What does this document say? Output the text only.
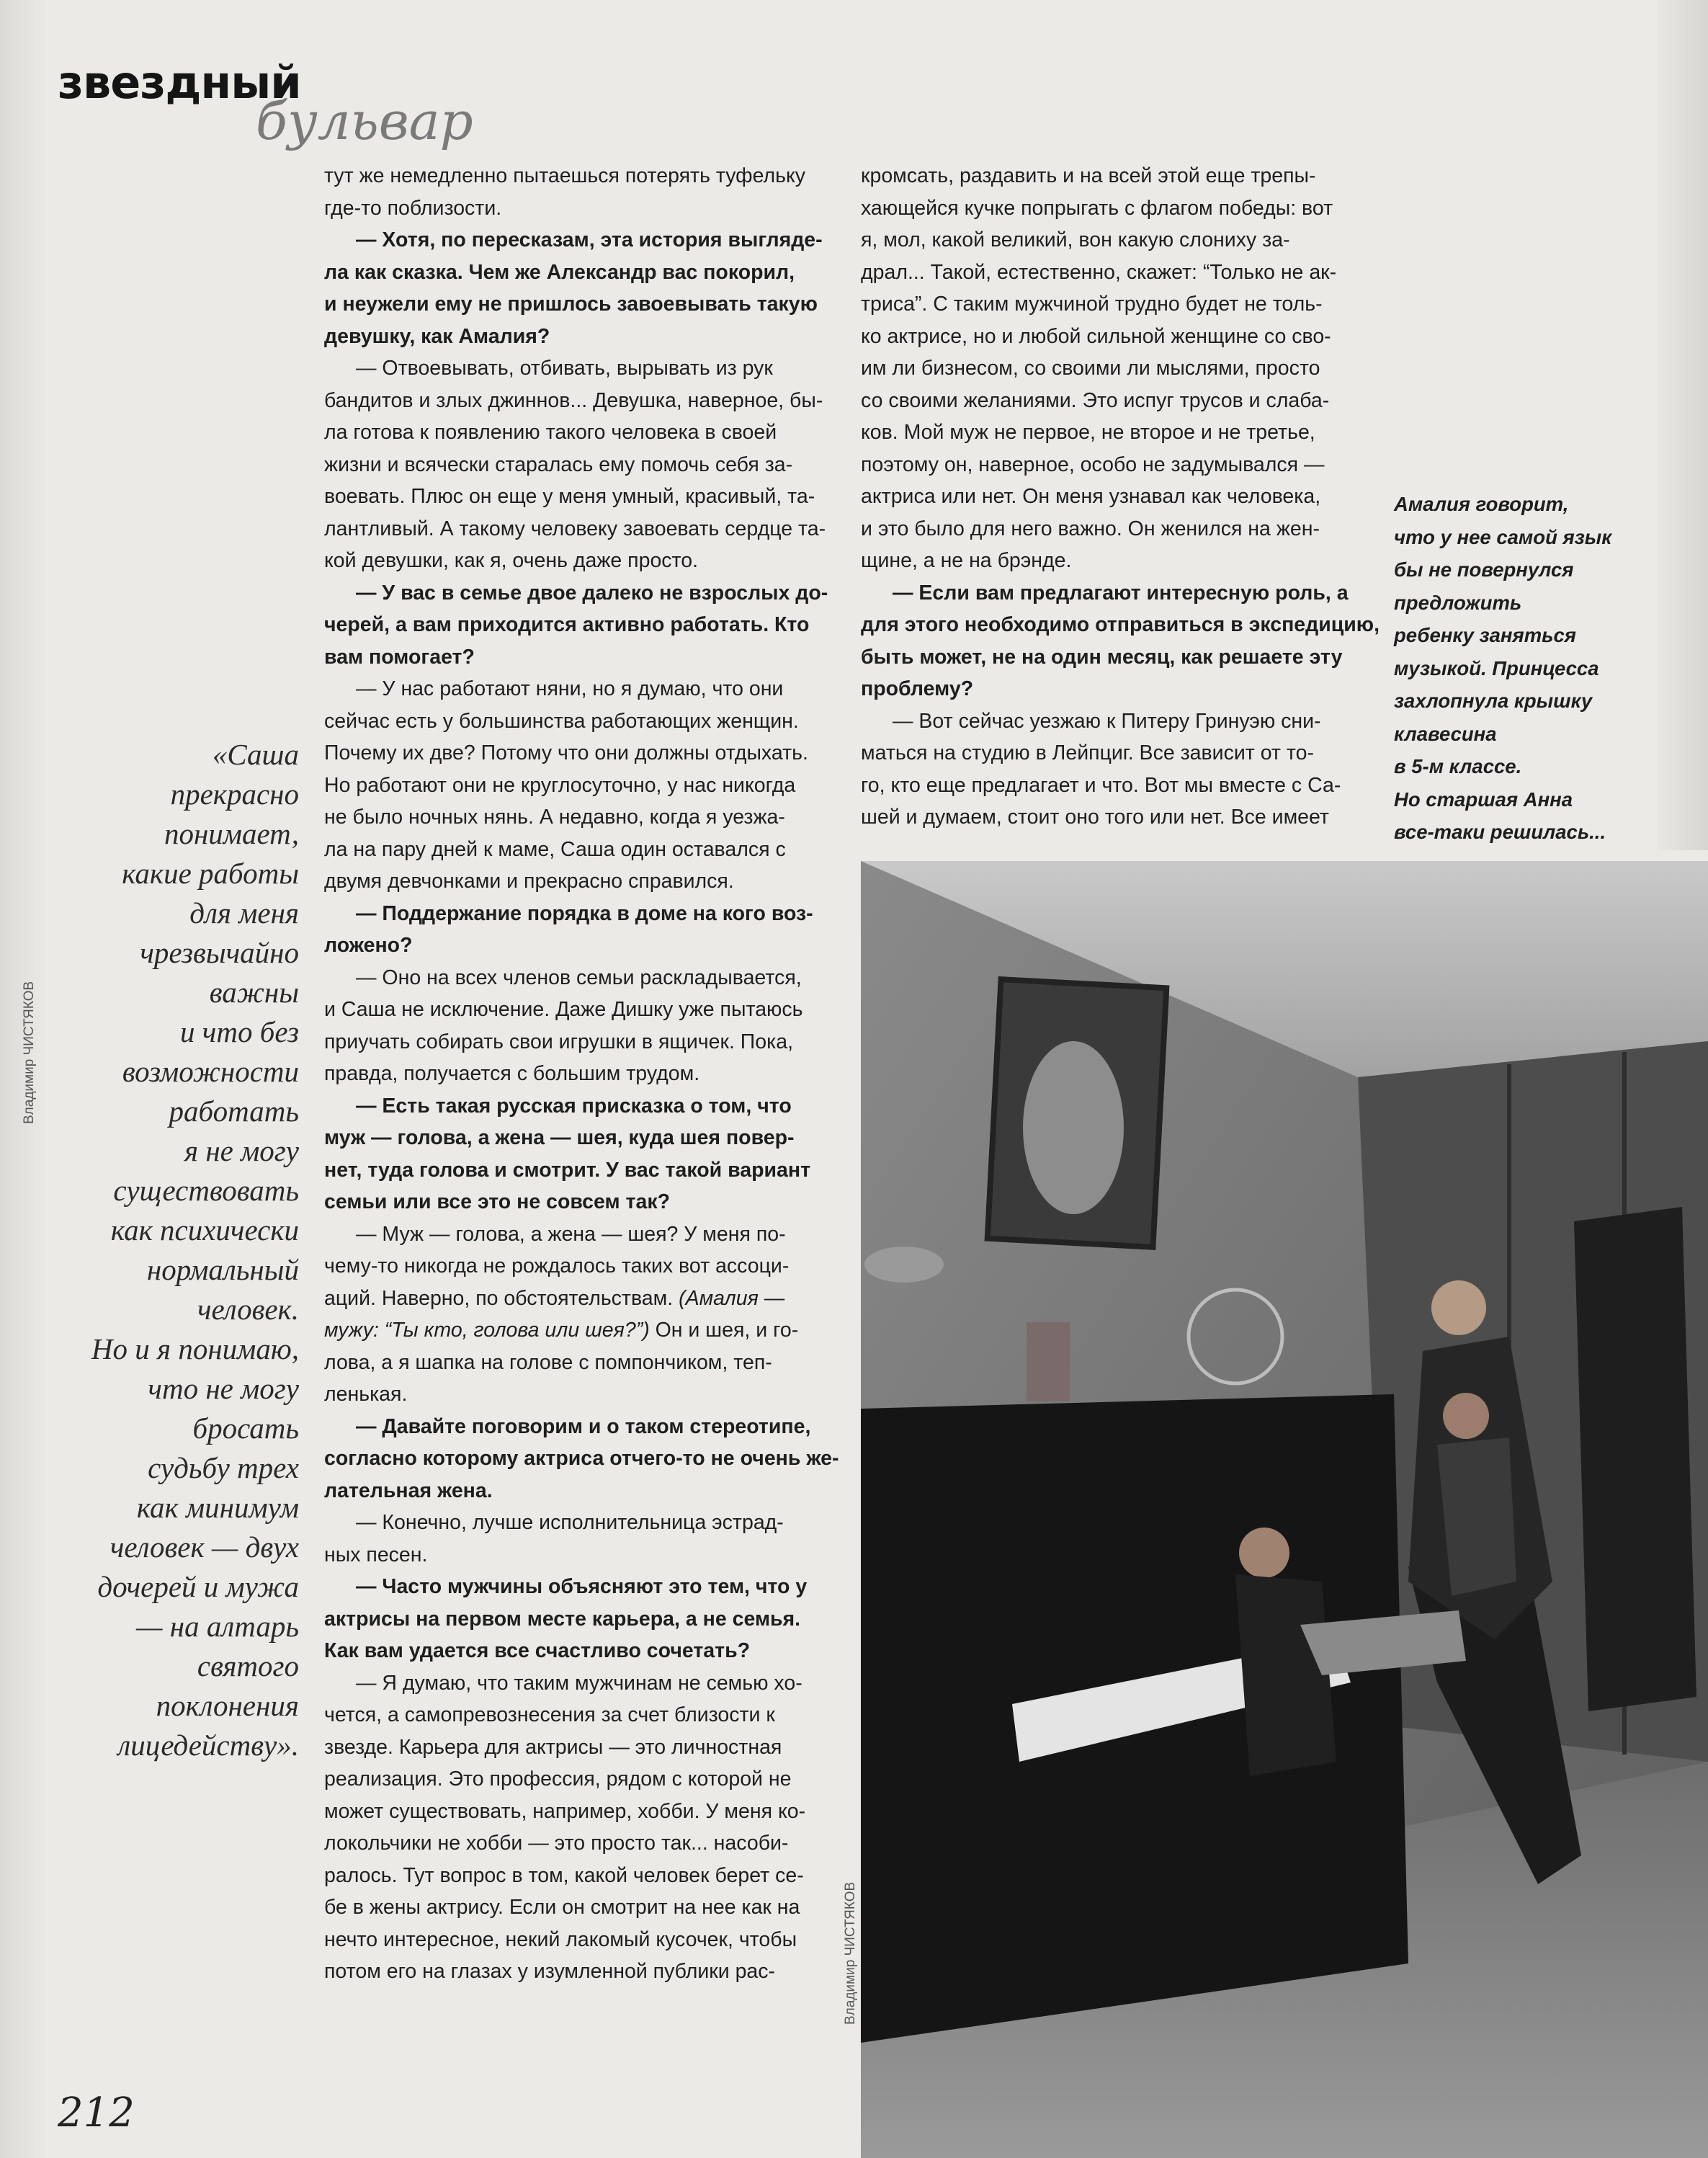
звездный
бульвар
Владимир ЧИСТЯКОВ
«Саша
прекрасно
понимает,
какие работы
для меня
чрезвычайно
важны
и что без
возможности
работать
я не могу
существовать
как психически
нормальный
человек.
Но и я понимаю,
что не могу
бросать
судьбу трех
как минимум
человек — двух
дочерей и мужа
— на алтарь
святого
поклонения
лицедейству».
тут же немедленно пытаешься потерять туфельку
где-то поблизости.
— Хотя, по пересказам, эта история выгляде-
ла как сказка. Чем же Александр вас покорил,
и неужели ему не пришлось завоевывать такую
девушку, как Амалия?
— Отвоевывать, отбивать, вырывать из рук
бандитов и злых джиннов... Девушка, наверное, бы-
ла готова к появлению такого человека в своей
жизни и всячески старалась ему помочь себя за-
воевать. Плюс он еще у меня умный, красивый, та-
лантливый. А такому человеку завоевать сердце та-
кой девушки, как я, очень даже просто.
— У вас в семье двое далеко не взрослых до-
черей, а вам приходится активно работать. Кто
вам помогает?
— У нас работают няни, но я думаю, что они
сейчас есть у большинства работающих женщин.
Почему их две? Потому что они должны отдыхать.
Но работают они не круглосуточно, у нас никогда
не было ночных нянь. А недавно, когда я уезжа-
ла на пару дней к маме, Саша один оставался с
двумя девчонками и прекрасно справился.
— Поддержание порядка в доме на кого воз-
ложено?
— Оно на всех членов семьи раскладывается,
и Саша не исключение. Даже Дишку уже пытаюсь
приучать собирать свои игрушки в ящичек. Пока,
правда, получается с большим трудом.
— Есть такая русская присказка о том, что
муж — голова, а жена — шея, куда шея повер-
нет, туда голова и смотрит. У вас такой вариант
семьи или все это не совсем так?
— Муж — голова, а жена — шея? У меня по-
чему-то никогда не рождалось таких вот ассоци-
аций. Наверно, по обстоятельствам. (Амалия —
мужу: “Ты кто, голова или шея?”) Он и шея, и го-
лова, а я шапка на голове с помпончиком, теп-
ленькая.
— Давайте поговорим и о таком стереотипе,
согласно которому актриса отчего-то не очень же-
лательная жена.
— Конечно, лучше исполнительница эстрад-
ных песен.
— Часто мужчины объясняют это тем, что у
актрисы на первом месте карьера, а не семья.
Как вам удается все счастливо сочетать?
— Я думаю, что таким мужчинам не семью хо-
чется, а самопревознесения за счет близости к
звезде. Карьера для актрисы — это личностная
реализация. Это профессия, рядом с которой не
может существовать, например, хобби. У меня ко-
локольчики не хобби — это просто так... насоби-
ралось. Тут вопрос в том, какой человек берет се-
бе в жены актрису. Если он смотрит на нее как на
нечто интересное, некий лакомый кусочек, чтобы
потом его на глазах у изумленной публики рас-
кромсать, раздавить и на всей этой еще трепы-
хающейся кучке попрыгать с флагом победы: вот
я, мол, какой великий, вон какую слониху за-
драл... Такой, естественно, скажет: “Только не ак-
триса”. С таким мужчиной трудно будет не толь-
ко актрисе, но и любой сильной женщине со сво-
им ли бизнесом, со своими ли мыслями, просто
со своими желаниями. Это испуг трусов и слаба-
ков. Мой муж не первое, не второе и не третье,
поэтому он, наверное, особо не задумывался —
актриса или нет. Он меня узнавал как человека,
и это было для него важно. Он женился на жен-
щине, а не на брэнде.
— Если вам предлагают интересную роль, а
для этого необходимо отправиться в экспедицию,
быть может, не на один месяц, как решаете эту
проблему?
— Вот сейчас уезжаю к Питеру Гринуэю сни-
маться на студию в Лейпциг. Все зависит от то-
го, кто еще предлагает и что. Вот мы вместе с Са-
шей и думаем, стоит оно того или нет. Все имеет
Амалия говорит,
что у нее самой язык
бы не повернулся
предложить
ребенку заняться
музыкой. Принцесса
захлопнула крышку
клавесина
в 5-м классе.
Но старшая Анна
все-таки решилась...
Владимир ЧИСТЯКОВ
212
